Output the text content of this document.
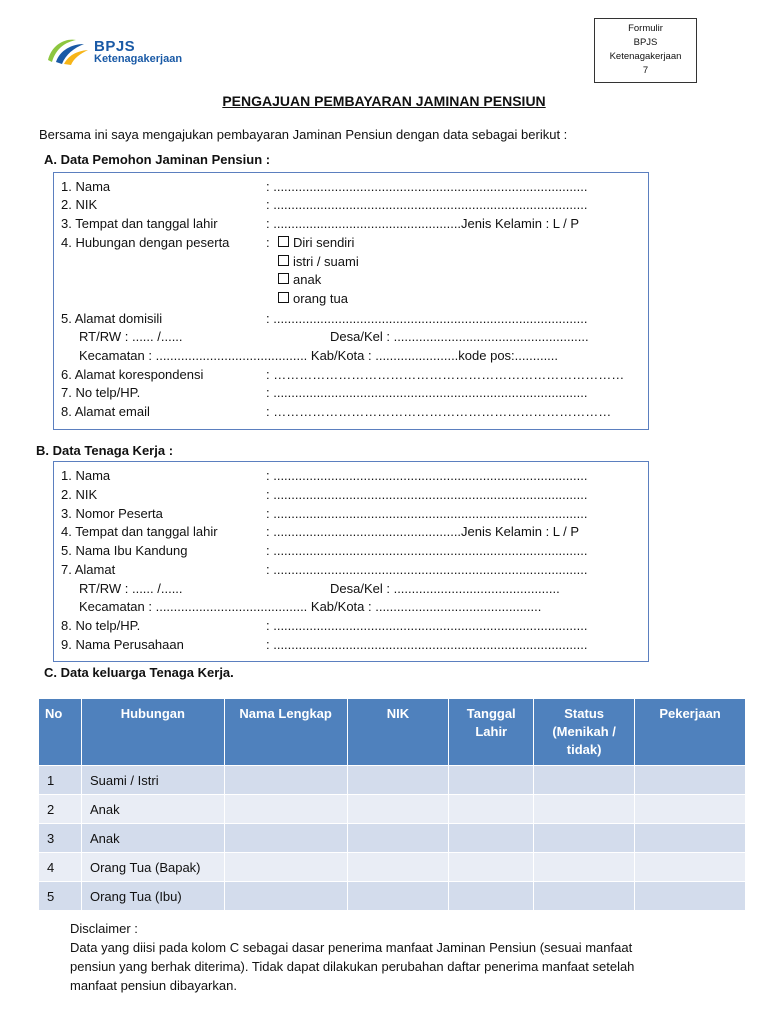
BPJS
Ketenagakerjaan
Formulir
BPJS
Ketenagakerjaan
7
PENGAJUAN PEMBAYARAN JAMINAN PENSIUN
Bersama ini saya mengajukan pembayaran Jaminan Pensiun dengan data sebagai berikut :
A. Data Pemohon Jaminan Pensiun :
1. Nama	: .......................................................................................
2. NIK	: .......................................................................................
3. Tempat dan tanggal lahir	: ....................................................Jenis Kelamin : L / P
4. Hubungan dengan peserta	:	Diri sendiri
istri / suami
anak
orang tua
5. Alamat domisili	: .......................................................................................
RT/RW : ...... /......	Desa/Kel : ......................................................
Kecamatan : .......................................... Kab/Kota : .......................kode pos:............
6. Alamat korespondensi	: ………………………………………………………………………
7. No telp/HP.	: .......................................................................................
8. Alamat email	: ……………………………………………………………………
B. Data Tenaga Kerja :
1. Nama	: .......................................................................................
2. NIK	: .......................................................................................
3. Nomor Peserta	: .......................................................................................
4. Tempat dan tanggal lahir	: ....................................................Jenis Kelamin : L / P
5. Nama Ibu Kandung	: .......................................................................................
7. Alamat	: .......................................................................................
RT/RW : ...... /......	Desa/Kel : ..............................................
Kecamatan : .......................................... Kab/Kota : ..............................................
8. No telp/HP.	: .......................................................................................
9. Nama Perusahaan	: .......................................................................................
C. Data keluarga Tenaga Kerja.
No	Hubungan	Nama Lengkap	NIK	Tanggal
Lahir	Status
(Menikah /
tidak)	Pekerjaan
1	Suami / Istri					
2	Anak					
3	Anak					
4	Orang Tua (Bapak)					
5	Orang Tua (Ibu)					
Disclaimer :
Data yang diisi pada kolom C sebagai dasar penerima manfaat Jaminan Pensiun (sesuai manfaat
pensiun yang berhak diterima). Tidak dapat dilakukan perubahan daftar penerima manfaat setelah
manfaat pensiun dibayarkan.
